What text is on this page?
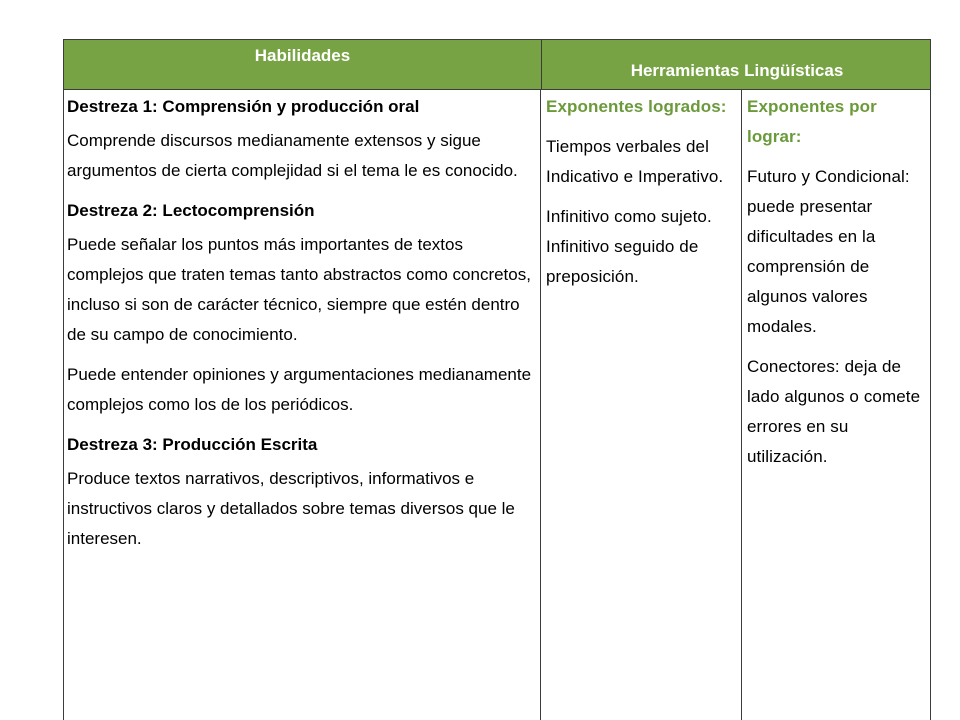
Habilidades
Herramientas Lingüísticas

Destreza 1: Comprensión y producción oral

Comprende discursos medianamente extensos y sigue argumentos de cierta complejidad si el tema le es conocido.

Destreza 2: Lectocomprensión

Puede señalar los puntos más importantes de textos complejos que traten temas tanto abstractos como concretos, incluso si son de carácter técnico, siempre que estén dentro de su campo de conocimiento.

Puede entender opiniones y argumentaciones medianamente complejos como los de los periódicos.

Destreza 3: Producción Escrita

Produce textos narrativos, descriptivos, informativos e instructivos claros y detallados sobre temas diversos que le interesen.

Exponentes logrados:

Tiempos verbales del Indicativo e Imperativo.

Infinitivo como sujeto. Infinitivo seguido de preposición.

Exponentes por lograr:

Futuro y Condicional: puede presentar dificultades en la comprensión de algunos valores modales.

Conectores: deja de lado algunos o comete errores en su utilización.
